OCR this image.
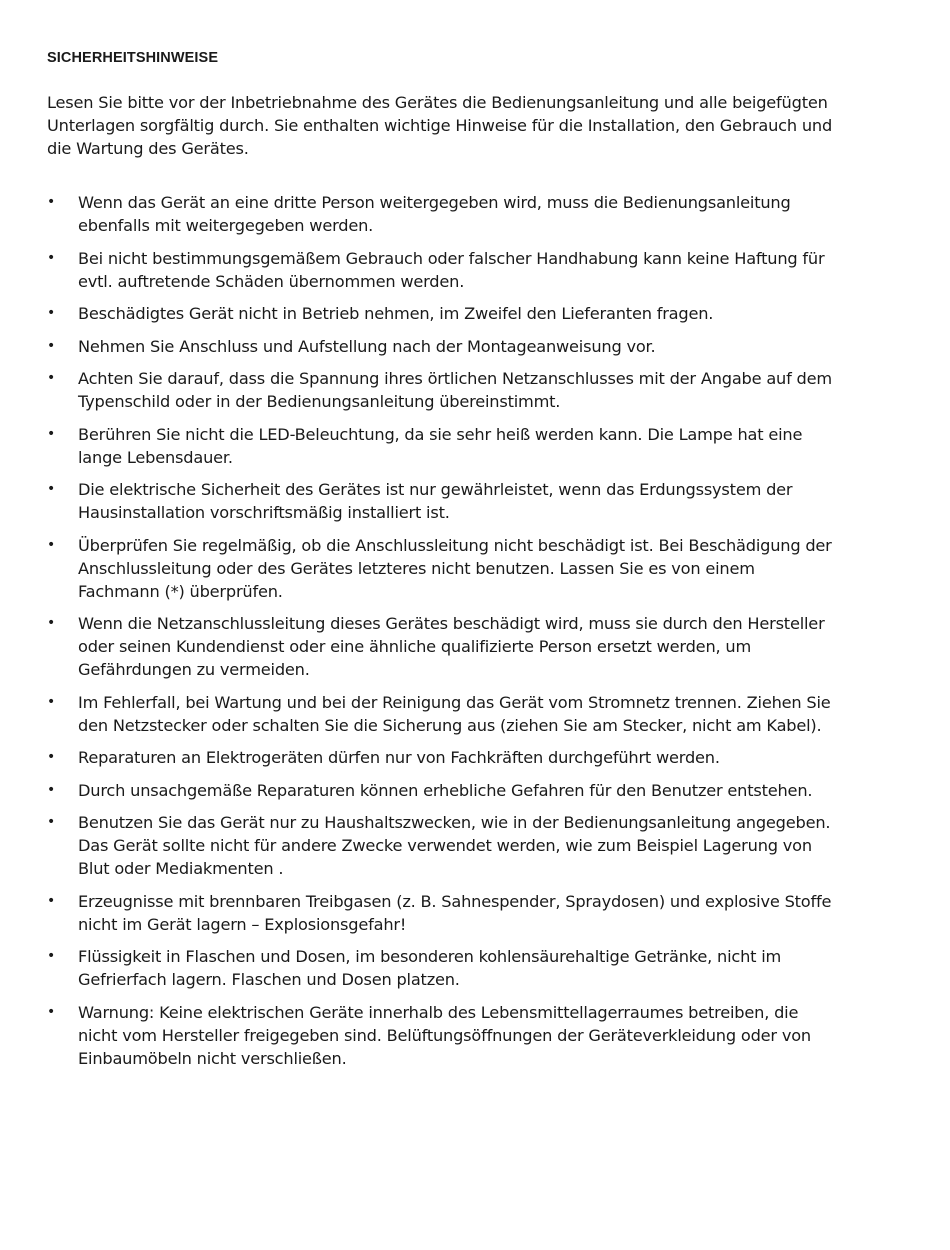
SICHERHEITSHINWEISE

Lesen Sie bitte vor der Inbetriebnahme des Gerätes die Bedienungsanleitung und alle beigefügten Unterlagen sorgfältig durch. Sie enthalten wichtige Hinweise für die Installation, den Gebrauch und die Wartung des Gerätes.

• Wenn das Gerät an eine dritte Person weitergegeben wird, muss die Bedienungsanleitung ebenfalls mit weitergegeben werden.
• Bei nicht bestimmungsgemäßem Gebrauch oder falscher Handhabung kann keine Haftung für evtl. auftretende Schäden übernommen werden.
• Beschädigtes Gerät nicht in Betrieb nehmen, im Zweifel den Lieferanten fragen.
• Nehmen Sie Anschluss und Aufstellung nach der Montageanweisung vor.
• Achten Sie darauf, dass die Spannung ihres örtlichen Netzanschlusses mit der Angabe auf dem Typenschild oder in der Bedienungsanleitung übereinstimmt.
• Berühren Sie nicht die LED-Beleuchtung, da sie sehr heiß werden kann. Die Lampe hat eine lange Lebensdauer.
• Die elektrische Sicherheit des Gerätes ist nur gewährleistet, wenn das Erdungssystem der Hausinstallation vorschriftsmäßig installiert ist.
• Überprüfen Sie regelmäßig, ob die Anschlussleitung nicht beschädigt ist. Bei Beschädigung der Anschlussleitung oder des Gerätes letzteres nicht benutzen. Lassen Sie es von einem Fachmann (*) überprüfen.
• Wenn die Netzanschlussleitung dieses Gerätes beschädigt wird, muss sie durch den Hersteller oder seinen Kundendienst oder eine ähnliche qualifizierte Person ersetzt werden, um Gefährdungen zu vermeiden.
• Im Fehlerfall, bei Wartung und bei der Reinigung das Gerät vom Stromnetz trennen. Ziehen Sie den Netzstecker oder schalten Sie die Sicherung aus (ziehen Sie am Stecker, nicht am Kabel).
• Reparaturen an Elektrogeräten dürfen nur von Fachkräften durchgeführt werden.
• Durch unsachgemäße Reparaturen können erhebliche Gefahren für den Benutzer entstehen.
• Benutzen Sie das Gerät nur zu Haushaltszwecken, wie in der Bedienungsanleitung angegeben. Das Gerät sollte nicht für andere Zwecke verwendet werden, wie zum Beispiel Lagerung von Blut oder Mediakmenten .
• Erzeugnisse mit brennbaren Treibgasen (z. B. Sahnespender, Spraydosen) und explosive Stoffe nicht im Gerät lagern – Explosionsgefahr!
• Flüssigkeit in Flaschen und Dosen, im besonderen kohlensäurehaltige Getränke, nicht im Gefrierfach lagern. Flaschen und Dosen platzen.
• Warnung: Keine elektrischen Geräte innerhalb des Lebensmittellagerraumes betreiben, die nicht vom Hersteller freigegeben sind. Belüftungsöffnungen der Geräteverkleidung oder von Einbaumöbeln nicht verschließen.
